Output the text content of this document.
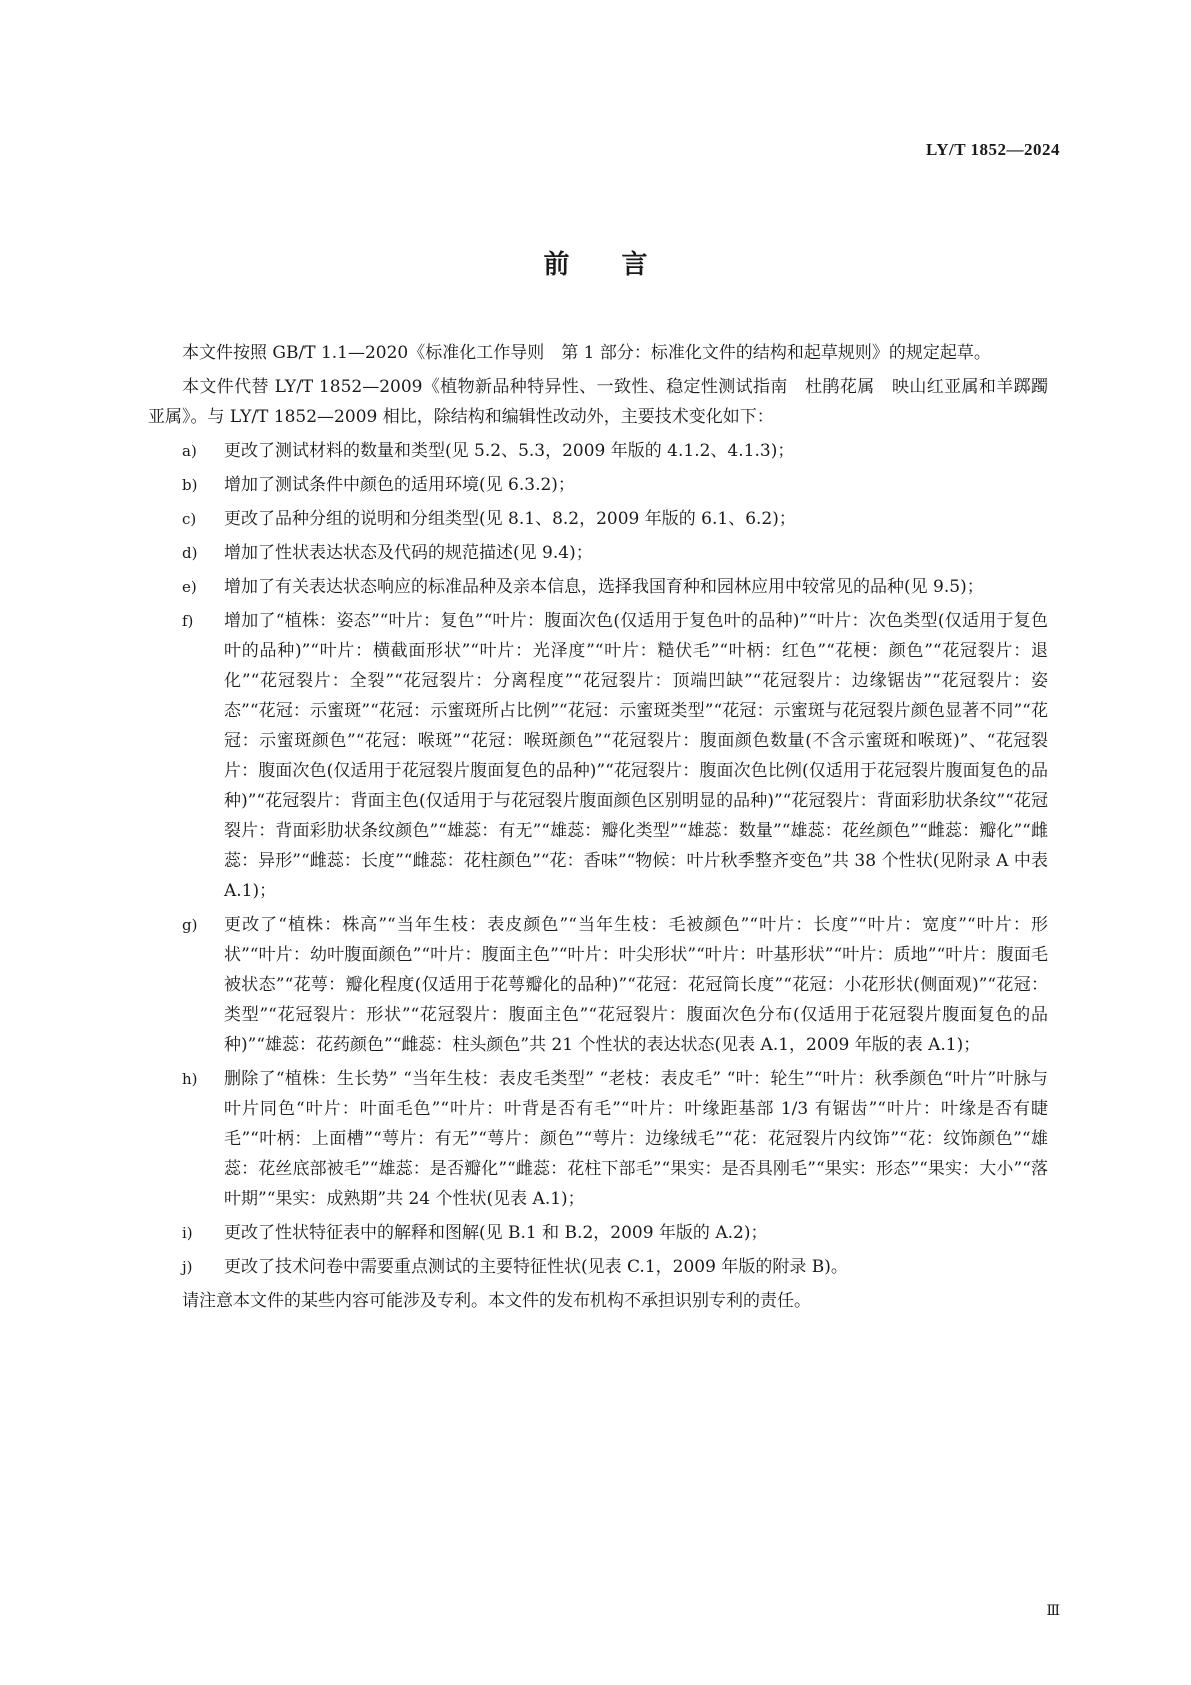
LY/T 1852—2024
前言

本文件按照 GB/T 1.1—2020《标准化工作导则　第 1 部分：标准化文件的结构和起草规则》的规定起草。

本文件代替 LY/T 1852—2009《植物新品种特异性、一致性、稳定性测试指南　杜鹃花属　映山红亚属和羊踯躅亚属》。与 LY/T 1852—2009 相比，除结构和编辑性改动外，主要技术变化如下：

a)	更改了测试材料的数量和类型(见 5.2、5.3，2009 年版的 4.1.2、4.1.3)；
b)	增加了测试条件中颜色的适用环境(见 6.3.2)；
c)	更改了品种分组的说明和分组类型(见 8.1、8.2，2009 年版的 6.1、6.2)；
d)	增加了性状表达状态及代码的规范描述(见 9.4)；
e)	增加了有关表达状态响应的标准品种及亲本信息，选择我国育种和园林应用中较常见的品种(见 9.5)；
f)	增加了“植株：姿态”“叶片：复色”“叶片：腹面次色(仅适用于复色叶的品种)”“叶片：次色类型(仅适用于复色叶的品种)”“叶片：横截面形状”“叶片：光泽度”“叶片：糙伏毛”“叶柄：红色”“花梗：颜色”“花冠裂片：退化”“花冠裂片：全裂”“花冠裂片：分离程度”“花冠裂片：顶端凹缺”“花冠裂片：边缘锯齿”“花冠裂片：姿态”“花冠：示蜜斑”“花冠：示蜜斑所占比例”“花冠：示蜜斑类型”“花冠：示蜜斑与花冠裂片颜色显著不同”“花冠：示蜜斑颜色”“花冠：喉斑”“花冠：喉斑颜色”“花冠裂片：腹面颜色数量(不含示蜜斑和喉斑)”、“花冠裂片：腹面次色(仅适用于花冠裂片腹面复色的品种)”“花冠裂片：腹面次色比例(仅适用于花冠裂片腹面复色的品种)”“花冠裂片：背面主色(仅适用于与花冠裂片腹面颜色区别明显的品种)”“花冠裂片：背面彩肋状条纹”“花冠裂片：背面彩肋状条纹颜色”“雄蕊：有无”“雄蕊：瓣化类型”“雄蕊：数量”“雄蕊：花丝颜色”“雌蕊：瓣化”“雌蕊：异形”“雌蕊：长度”“雌蕊：花柱颜色”“花：香味”“物候：叶片秋季整齐变色”共 38 个性状(见附录 A 中表 A.1)；
g)	更改了“植株：株高”“当年生枝：表皮颜色”“当年生枝：毛被颜色”“叶片：长度”“叶片：宽度”“叶片：形状”“叶片：幼叶腹面颜色”“叶片：腹面主色”“叶片：叶尖形状”“叶片：叶基形状”“叶片：质地”“叶片：腹面毛被状态”“花萼：瓣化程度(仅适用于花萼瓣化的品种)”“花冠：花冠筒长度”“花冠：小花形状(侧面观)”“花冠：类型”“花冠裂片：形状”“花冠裂片：腹面主色”“花冠裂片：腹面次色分布(仅适用于花冠裂片腹面复色的品种)”“雄蕊：花药颜色”“雌蕊：柱头颜色”共 21 个性状的表达状态(见表 A.1，2009 年版的表 A.1)；
h)	删除了“植株：生长势” “当年生枝：表皮毛类型” “老枝：表皮毛” “叶：轮生”“叶片：秋季颜色“叶片”叶脉与叶片同色“叶片：叶面毛色”“叶片：叶背是否有毛”“叶片：叶缘距基部 1/3 有锯齿”“叶片：叶缘是否有睫毛”“叶柄：上面槽”“萼片：有无”“萼片：颜色”“萼片：边缘绒毛”“花：花冠裂片内纹饰”“花：纹饰颜色”“雄蕊：花丝底部被毛”“雄蕊：是否瓣化”“雌蕊：花柱下部毛”“果实：是否具刚毛”“果实：形态”“果实：大小”“落叶期”“果实：成熟期”共 24 个性状(见表 A.1)；
i)	更改了性状特征表中的解释和图解(见 B.1 和 B.2，2009 年版的 A.2)；
j)	更改了技术问卷中需要重点测试的主要特征性状(见表 C.1，2009 年版的附录 B)。

请注意本文件的某些内容可能涉及专利。本文件的发布机构不承担识别专利的责任。

Ⅲ
